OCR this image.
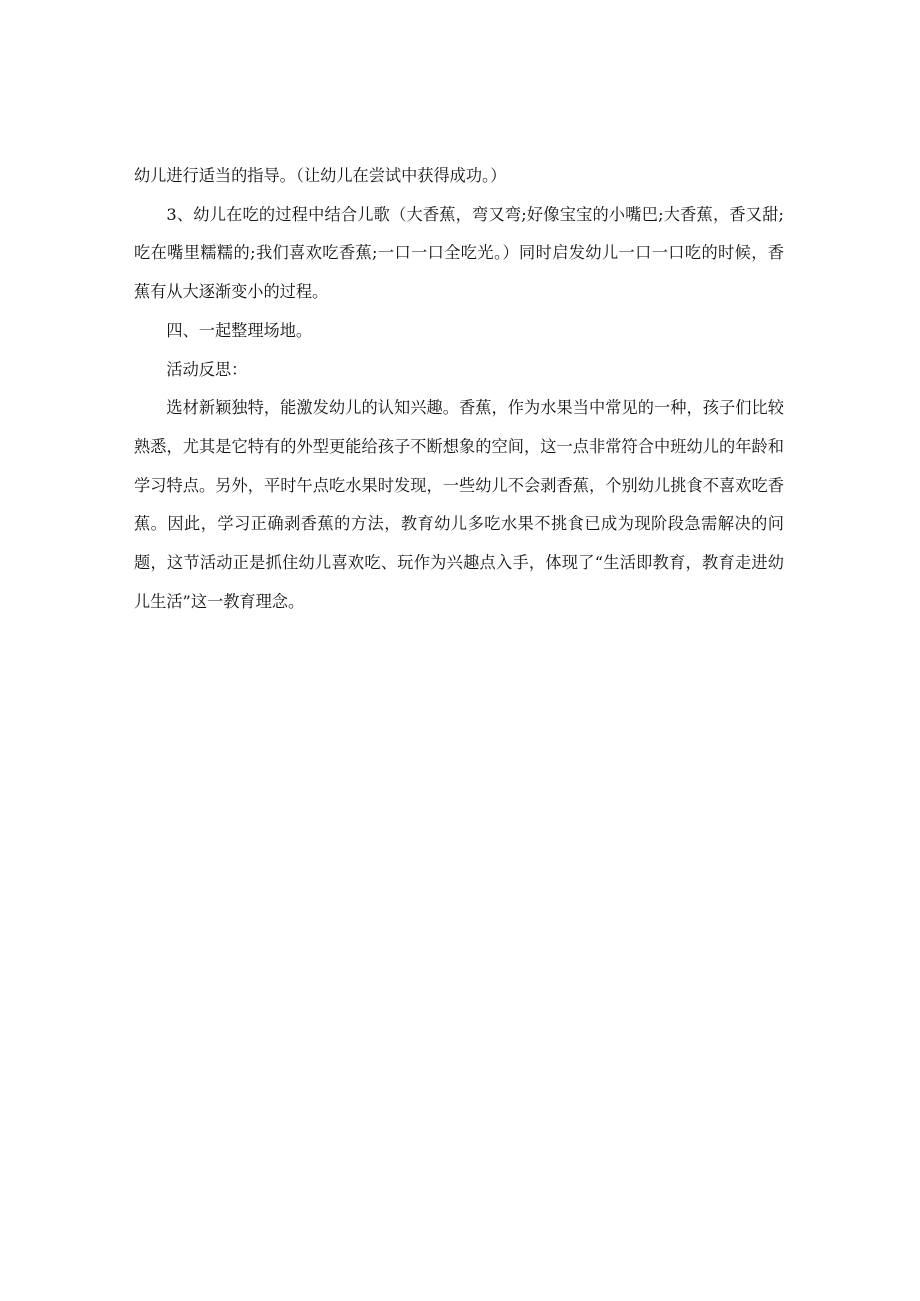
幼儿进行适当的指导。（让幼儿在尝试中获得成功。）

3、幼儿在吃的过程中结合儿歌（大香蕉，弯又弯;好像宝宝的小嘴巴;大香蕉，香又甜;吃在嘴里糯糯的;我们喜欢吃香蕉;一口一口全吃光。）同时启发幼儿一口一口吃的时候，香蕉有从大逐渐变小的过程。

四、一起整理场地。

活动反思：

选材新颖独特，能激发幼儿的认知兴趣。香蕉，作为水果当中常见的一种，孩子们比较熟悉，尤其是它特有的外型更能给孩子不断想象的空间，这一点非常符合中班幼儿的年龄和学习特点。另外，平时午点吃水果时发现，一些幼儿不会剥香蕉，个别幼儿挑食不喜欢吃香蕉。因此，学习正确剥香蕉的方法，教育幼儿多吃水果不挑食已成为现阶段急需解决的问题，这节活动正是抓住幼儿喜欢吃、玩作为兴趣点入手，体现了“生活即教育，教育走进幼儿生活”这一教育理念。
